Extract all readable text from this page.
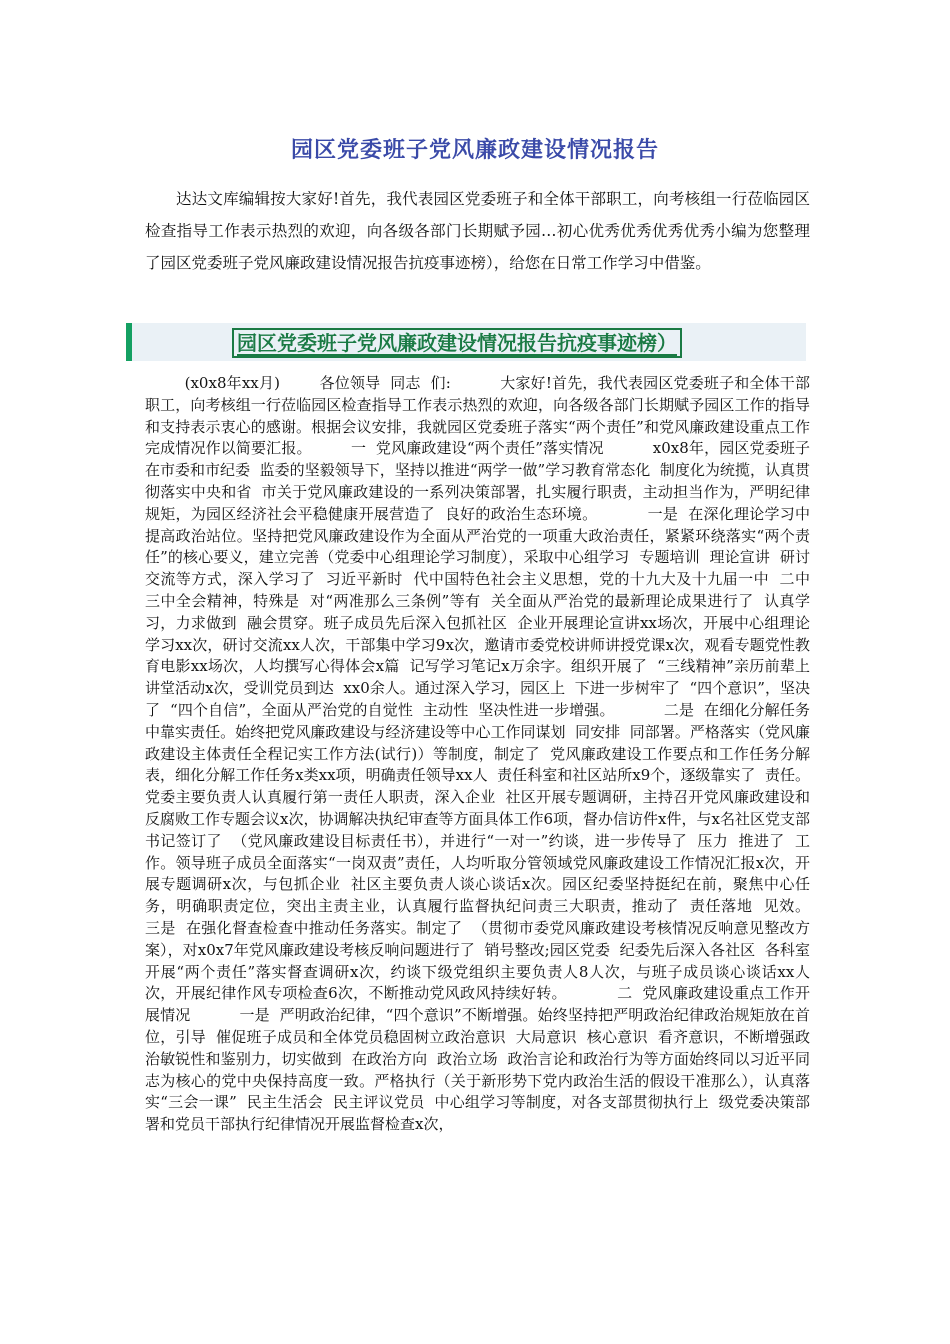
园区党委班子党风廉政建设情况报告

达达文库编辑按大家好!首先，我代表园区党委班子和全体干部职工，向考核组一行莅临园区检查指导工作表示热烈的欢迎，向各级各部门长期赋予园…初心优秀优秀优秀优秀小编为您整理了园区党委班子党风廉政建设情况报告抗疫事迹榜），给您在日常工作学习中借鉴。

园区党委班子党风廉政建设情况报告抗疫事迹榜）

(x0x8年xx月)        各位领导  同志  们:          大家好!首先，我代表园区党委班子和全体干部职工，向考核组一行莅临园区检查指导工作表示热烈的欢迎，向各级各部门长期赋予园区工作的指导和支持表示衷心的感谢。根据会议安排，我就园区党委班子落实“两个责任”和党风廉政建设重点工作完成情况作以简要汇报。        一  党风廉政建设“两个责任”落实情况          x0x8年，园区党委班子在市委和市纪委  监委的坚毅领导下，坚持以推进“两学一做”学习教育常态化  制度化为统揽，认真贯彻落实中央和省  市关于党风廉政建设的一系列决策部署，扎实履行职责，主动担当作为，严明纪律规矩，为园区经济社会平稳健康开展营造了  良好的政治生态环境。          一是  在深化理论学习中提高政治站位。坚持把党风廉政建设作为全面从严治党的一项重大政治责任，紧紧环绕落实“两个责任”的核心要义，建立完善（党委中心组理论学习制度），采取中心组学习  专题培训  理论宣讲  研讨交流等方式，深入学习了  习近平新时  代中国特色社会主义思想，党的十九大及十九届一中  二中  三中全会精神，特殊是  对“两准那么三条例”等有  关全面从严治党的最新理论成果进行了  认真学习，力求做到  融会贯穿。班子成员先后深入包抓社区  企业开展理论宣讲xx场次，开展中心组理论学习xx次，研讨交流xx人次，干部集中学习9x次，邀请市委党校讲师讲授党课x次，观看专题党性教育电影xx场次，人均撰写心得体会x篇  记写学习笔记x万余字。组织开展了  “三线精神”亲历前辈上  讲堂活动x次，受训党员到达  xx0余人。通过深入学习，园区上  下进一步树牢了  “四个意识”，坚决了  “四个自信”，全面从严治党的自觉性  主动性  坚决性进一步增强。          二是  在细化分解任务中靠实责任。始终把党风廉政建设与经济建设等中心工作同谋划  同安排  同部署。严格落实（党风廉政建设主体责任全程记实工作方法(试行)）等制度，制定了  党风廉政建设工作要点和工作任务分解表，细化分解工作任务x类xx项，明确责任领导xx人  责任科室和社区站所x9个，逐级靠实了  责任。党委主要负责人认真履行第一责任人职责，深入企业  社区开展专题调研，主持召开党风廉政建设和反腐败工作专题会议x次，协调解决执纪审查等方面具体工作6项，督办信访件x件，与x名社区党支部书记签订了  （党风廉政建设目标责任书），并进行“一对一”约谈，进一步传导了  压力  推进了  工作。领导班子成员全面落实“一岗双责”责任，人均听取分管领域党风廉政建设工作情况汇报x次，开展专题调研x次，与包抓企业  社区主要负责人谈心谈话x次。园区纪委坚持挺纪在前，聚焦中心任务，明确职责定位，突出主责主业，认真履行监督执纪问责三大职责，推动了  责任落地  见效。          三是  在强化督查检查中推动任务落实。制定了  （贯彻市委党风廉政建设考核情况反响意见整改方案），对x0x7年党风廉政建设考核反响问题进行了  销号整改;园区党委  纪委先后深入各社区  各科室开展“两个责任”落实督查调研x次，约谈下级党组织主要负责人8人次，与班子成员谈心谈话xx人次，开展纪律作风专项检查6次，不断推动党风政风持续好转。          二  党风廉政建设重点工作开展情况          一是  严明政治纪律，“四个意识”不断增强。始终坚持把严明政治纪律政治规矩放在首位，引导  催促班子成员和全体党员稳固树立政治意识  大局意识  核心意识  看齐意识，不断增强政治敏锐性和鉴别力，切实做到  在政治方向  政治立场  政治言论和政治行为等方面始终同以习近平同志为核心的党中央保持高度一致。严格执行（关于新形势下党内政治生活的假设干准那么），认真落实“三会一课”  民主生活会  民主评议党员  中心组学习等制度，对各支部贯彻执行上  级党委决策部署和党员干部执行纪律情况开展监督检查x次，
